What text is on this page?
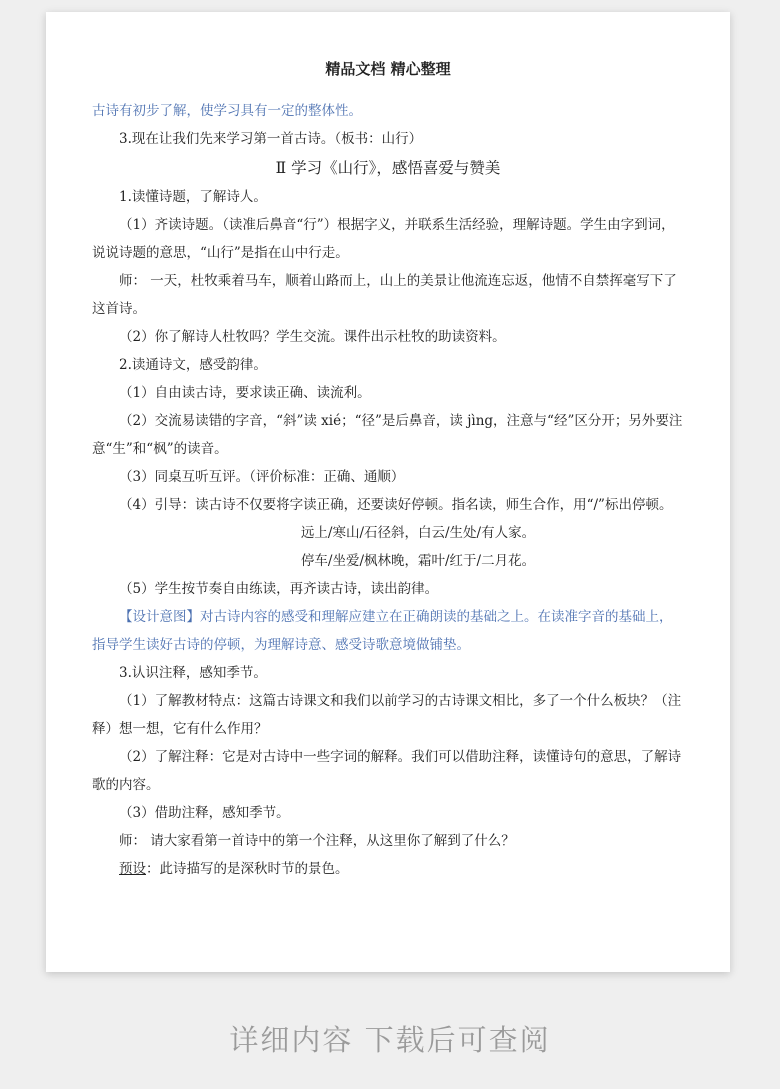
精品文档 精心整理

古诗有初步了解，使学习具有一定的整体性。

3.现在让我们先来学习第一首古诗。（板书：山行）

Ⅱ 学习《山行》，感悟喜爱与赞美

1.读懂诗题，了解诗人。

（1）齐读诗题。（读准后鼻音“行”）根据字义，并联系生活经验，理解诗题。学生由字到词，说说诗题的意思，“山行”是指在山中行走。

师： 一天，杜牧乘着马车，顺着山路而上，山上的美景让他流连忘返，他情不自禁挥毫写下了这首诗。

（2）你了解诗人杜牧吗？学生交流。课件出示杜牧的助读资料。

2.读通诗文，感受韵律。

（1）自由读古诗，要求读正确、读流利。

（2）交流易读错的字音，“斜”读 xié；“径”是后鼻音，读 jìng，注意与“经”区分开；另外要注意“生”和“枫”的读音。

（3）同桌互听互评。（评价标准：正确、通顺）

（4）引导：读古诗不仅要将字读正确，还要读好停顿。指名读，师生合作，用“/”标出停顿。

远上/寒山/石径斜，白云/生处/有人家。

停车/坐爱/枫林晚，霜叶/红于/二月花。

（5）学生按节奏自由练读，再齐读古诗，读出韵律。

【设计意图】对古诗内容的感受和理解应建立在正确朗读的基础之上。在读准字音的基础上，指导学生读好古诗的停顿，为理解诗意、感受诗歌意境做铺垫。

3.认识注释，感知季节。

（1）了解教材特点：这篇古诗课文和我们以前学习的古诗课文相比，多了一个什么板块？（注释）想一想，它有什么作用？

（2）了解注释：它是对古诗中一些字词的解释。我们可以借助注释，读懂诗句的意思，了解诗歌的内容。

（3）借助注释，感知季节。

师： 请大家看第一首诗中的第一个注释，从这里你了解到了什么？

预设：此诗描写的是深秋时节的景色。

详细内容 下载后可查阅
